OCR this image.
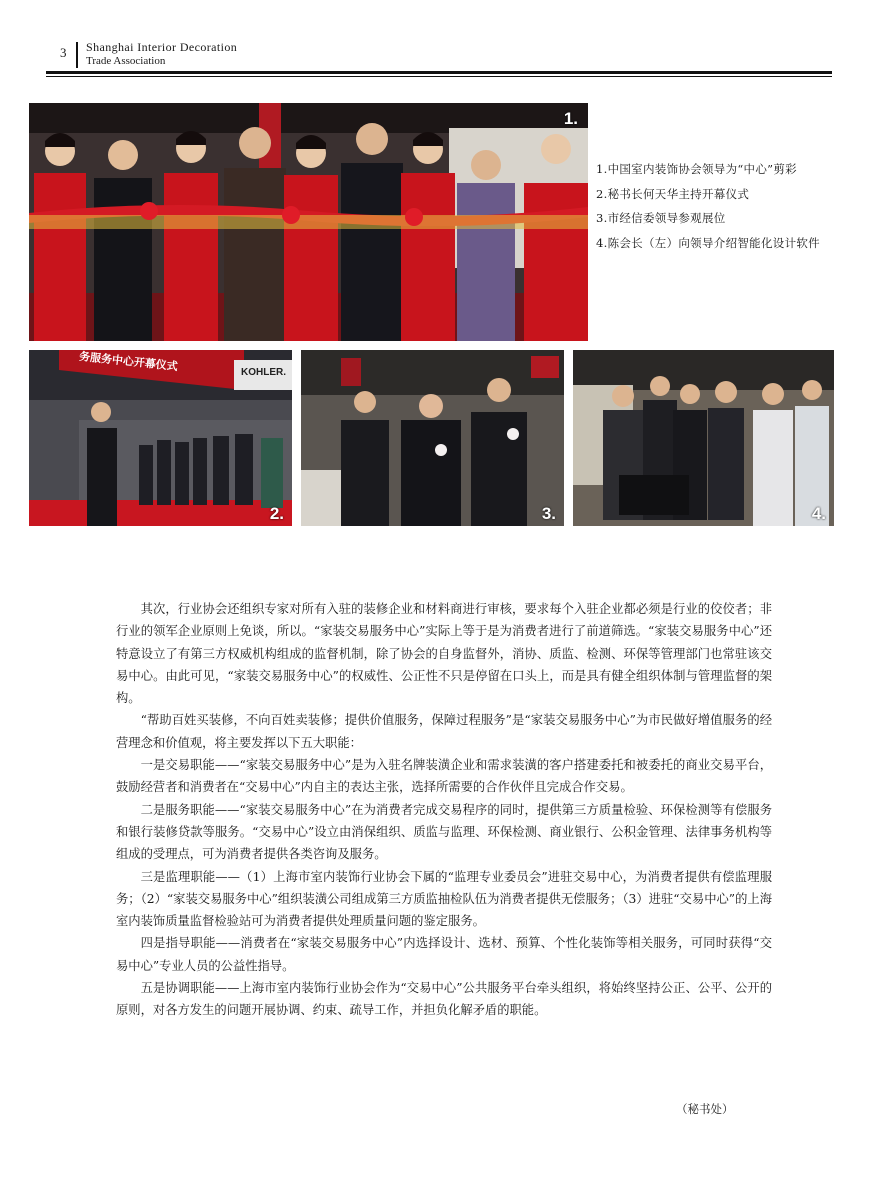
3 Shanghai Interior Decoration
Trade Association
1.
1.中国室内装饰协会领导为“中心”剪彩
2.秘书长何天华主持开幕仪式
3.市经信委领导参观展位
4.陈会长（左）向领导介绍智能化设计软件
务服务中心开幕仪式	KOHLER.
2.	3.	4.

其次，行业协会还组织专家对所有入驻的装修企业和材料商进行审核，要求每个入驻企业都必须是行业的佼佼者；非行业的领军企业原则上免谈，所以。“家装交易服务中心”实际上等于是为消费者进行了前道筛选。“家装交易服务中心”还特意设立了有第三方权威机构组成的监督机制，除了协会的自身监督外，消协、质监、检测、环保等管理部门也常驻该交易中心。由此可见，“家装交易服务中心”的权威性、公正性不只是停留在口头上，而是具有健全组织体制与管理监督的架构。

“帮助百姓买装修，不向百姓卖装修；提供价值服务，保障过程服务”是“家装交易服务中心”为市民做好增值服务的经营理念和价值观，将主要发挥以下五大职能：

一是交易职能——“家装交易服务中心”是为入驻名牌装潢企业和需求装潢的客户搭建委托和被委托的商业交易平台，鼓励经营者和消费者在“交易中心”内自主的表达主张，选择所需要的合作伙伴且完成合作交易。

二是服务职能——“家装交易服务中心”在为消费者完成交易程序的同时，提供第三方质量检验、环保检测等有偿服务和银行装修贷款等服务。“交易中心”设立由消保组织、质监与监理、环保检测、商业银行、公积金管理、法律事务机构等组成的受理点，可为消费者提供各类咨询及服务。

三是监理职能——（1）上海市室内装饰行业协会下属的“监理专业委员会”进驻交易中心，为消费者提供有偿监理服务；（2）“家装交易服务中心”组织装潢公司组成第三方质监抽检队伍为消费者提供无偿服务；（3）进驻“交易中心”的上海室内装饰质量监督检验站可为消费者提供处理质量问题的鉴定服务。

四是指导职能——消费者在“家装交易服务中心”内选择设计、选材、预算、个性化装饰等相关服务，可同时获得“交易中心”专业人员的公益性指导。

五是协调职能——上海市室内装饰行业协会作为“交易中心”公共服务平台牵头组织，将始终坚持公正、公平、公开的原则，对各方发生的问题开展协调、约束、疏导工作，并担负化解矛盾的职能。

（秘书处）
